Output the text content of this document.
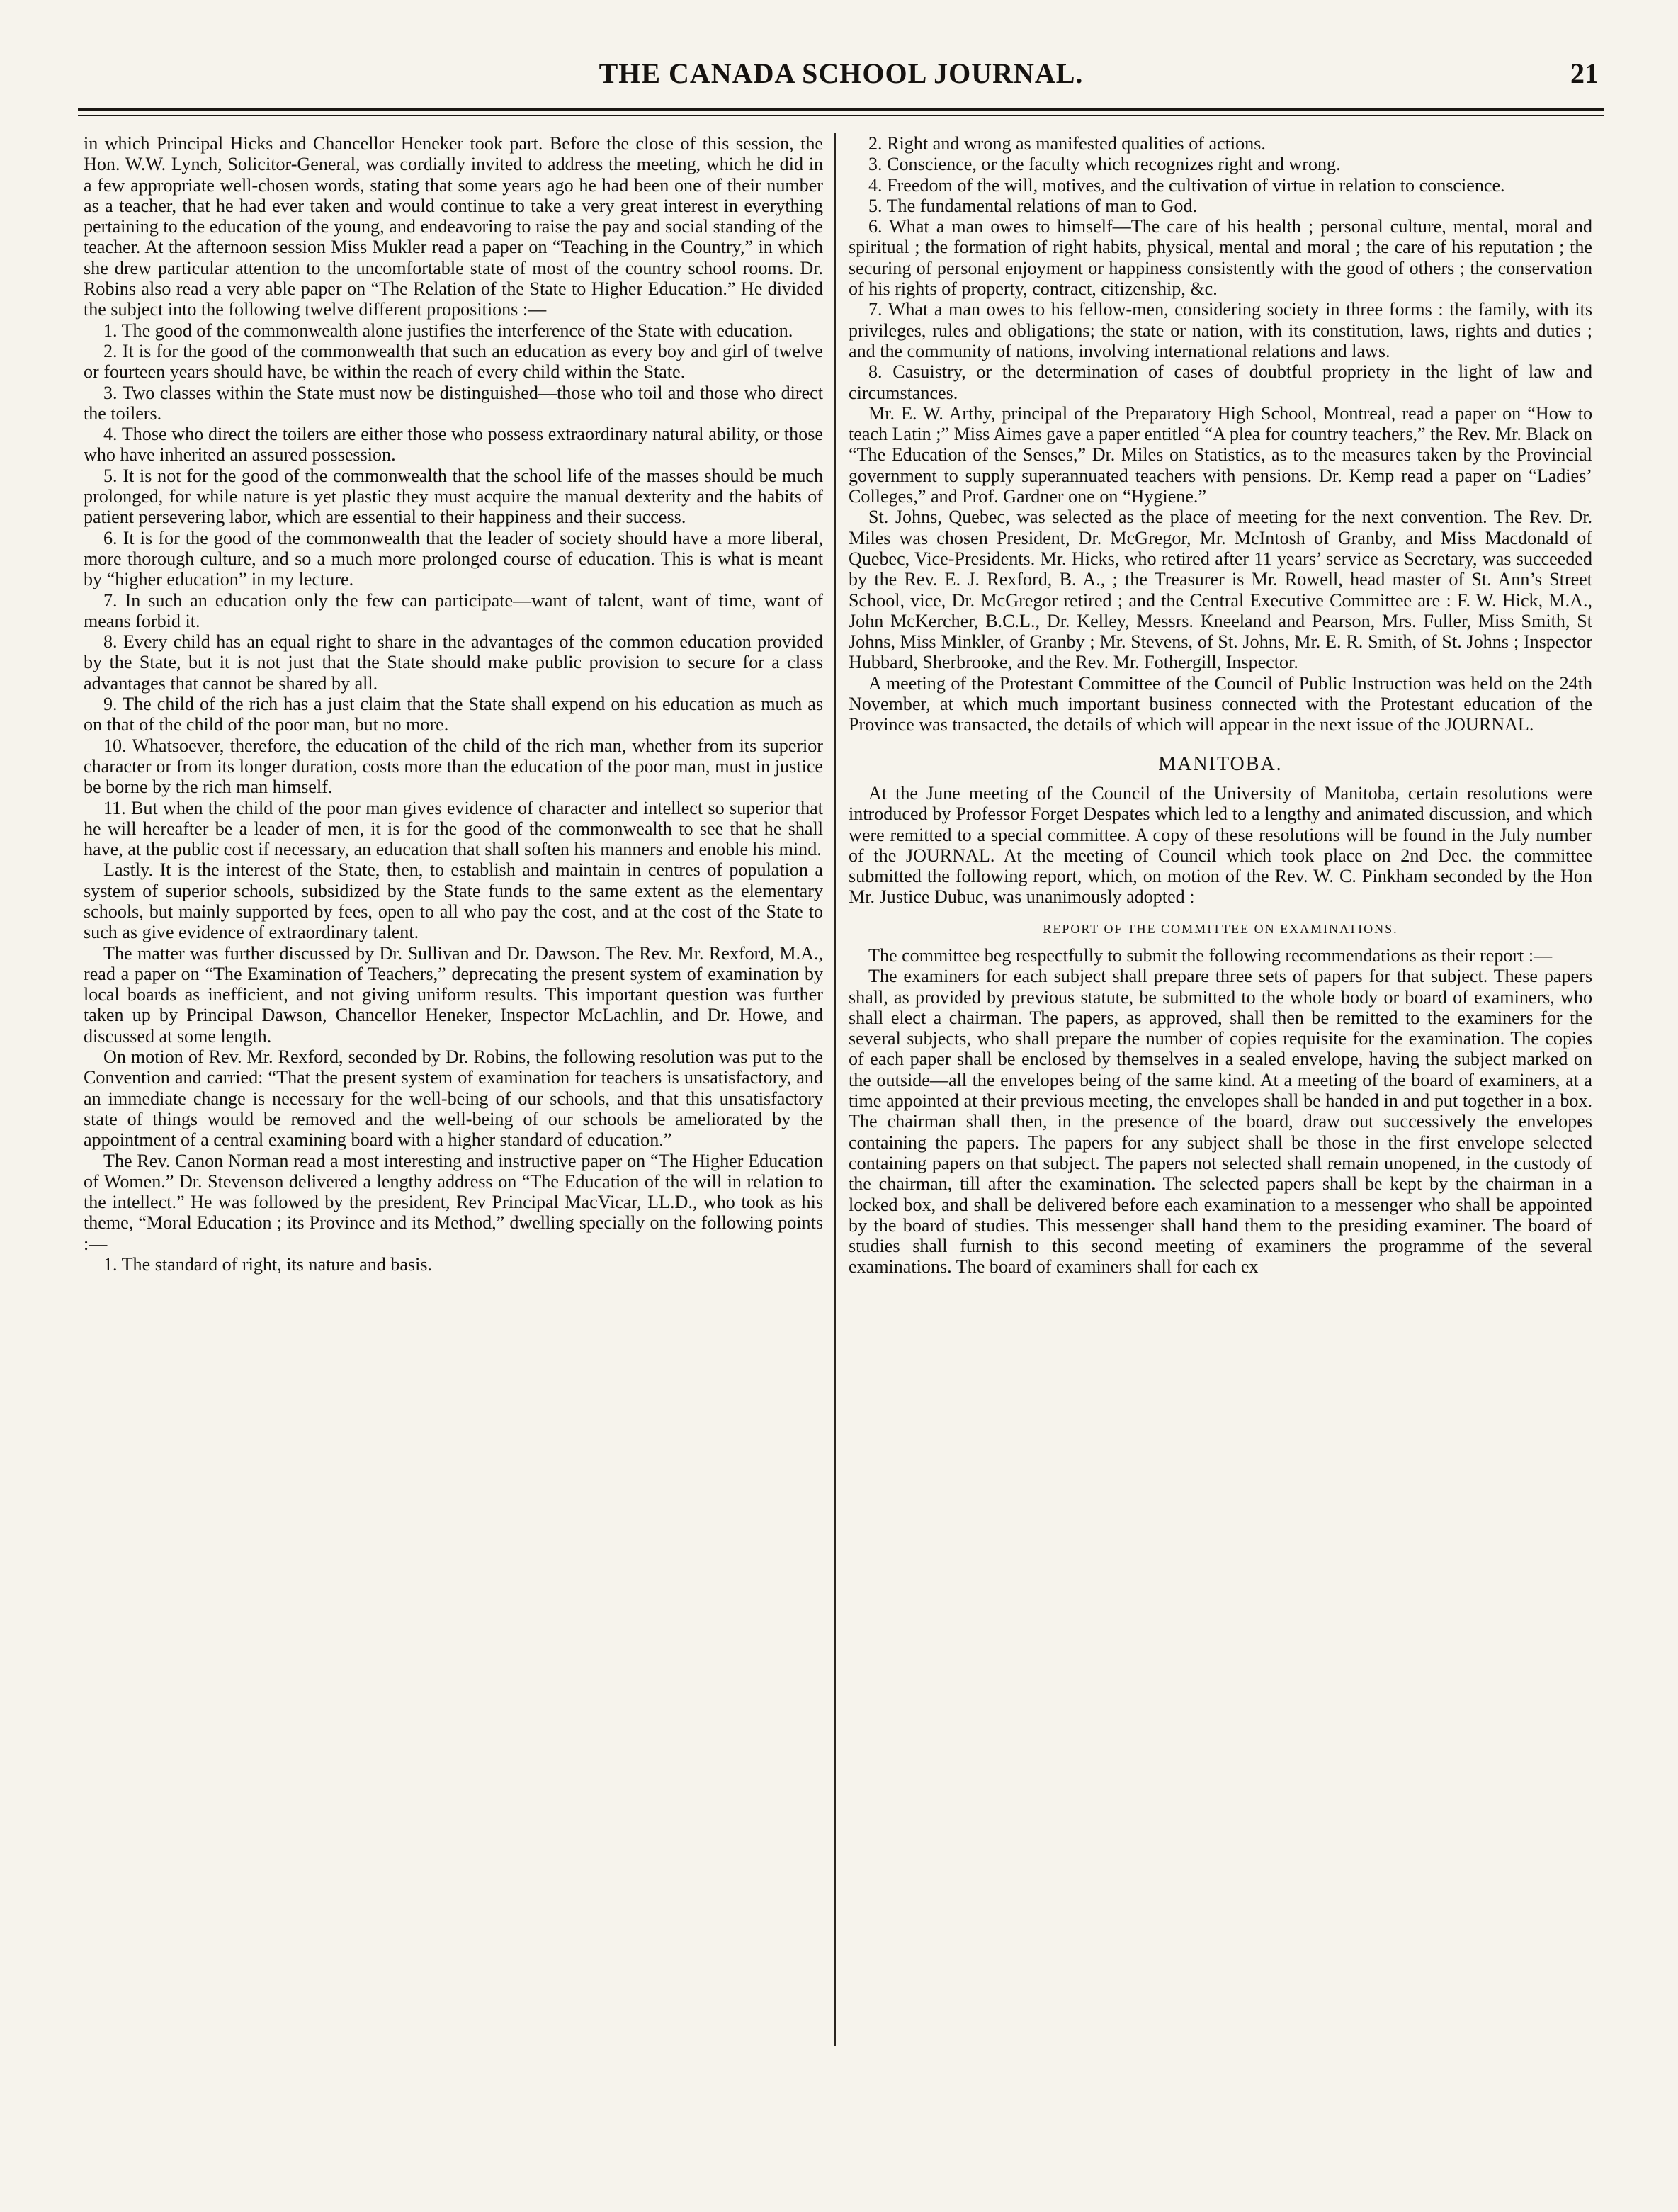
THE CANADA SCHOOL JOURNAL.	21

in which Principal Hicks and Chancellor Heneker took part. Before the close of this session, the Hon. W.W. Lynch, Solicitor-General, was cordially invited to address the meeting, which he did in a few appropriate well-chosen words, stating that some years ago he had been one of their number as a teacher, that he had ever taken and would continue to take a very great interest in everything pertaining to the education of the young, and endeavoring to raise the pay and social standing of the teacher. At the afternoon session Miss Mukler read a paper on “Teaching in the Country,” in which she drew particular attention to the uncomfortable state of most of the country school rooms. Dr. Robins also read a very able paper on “The Relation of the State to Higher Education.” He divided the subject into the following twelve different propositions :—

1. The good of the commonwealth alone justifies the interference of the State with education.

2. It is for the good of the commonwealth that such an education as every boy and girl of twelve or fourteen years should have, be within the reach of every child within the State.

3. Two classes within the State must now be distinguished—those who toil and those who direct the toilers.

4. Those who direct the toilers are either those who possess extraordinary natural ability, or those who have inherited an assured possession.

5. It is not for the good of the commonwealth that the school life of the masses should be much prolonged, for while nature is yet plastic they must acquire the manual dexterity and the habits of patient persevering labor, which are essential to their happiness and their success.

6. It is for the good of the commonwealth that the leader of society should have a more liberal, more thorough culture, and so a much more prolonged course of education. This is what is meant by “higher education” in my lecture.

7. In such an education only the few can participate—want of talent, want of time, want of means forbid it.

8. Every child has an equal right to share in the advantages of the common education provided by the State, but it is not just that the State should make public provision to secure for a class advantages that cannot be shared by all.

9. The child of the rich has a just claim that the State shall expend on his education as much as on that of the child of the poor man, but no more.

10. Whatsoever, therefore, the education of the child of the rich man, whether from its superior character or from its longer duration, costs more than the education of the poor man, must in justice be borne by the rich man himself.

11. But when the child of the poor man gives evidence of character and intellect so superior that he will hereafter be a leader of men, it is for the good of the commonwealth to see that he shall have, at the public cost if necessary, an education that shall soften his manners and enoble his mind.

Lastly. It is the interest of the State, then, to establish and maintain in centres of population a system of superior schools, subsidized by the State funds to the same extent as the elementary schools, but mainly supported by fees, open to all who pay the cost, and at the cost of the State to such as give evidence of extraordinary talent.

The matter was further discussed by Dr. Sullivan and Dr. Dawson. The Rev. Mr. Rexford, M.A., read a paper on “The Examination of Teachers,” deprecating the present system of examination by local boards as inefficient, and not giving uniform results. This important question was further taken up by Principal Dawson, Chancellor Heneker, Inspector McLachlin, and Dr. Howe, and discussed at some length.

On motion of Rev. Mr. Rexford, seconded by Dr. Robins, the following resolution was put to the Convention and carried: “That the present system of examination for teachers is unsatisfactory, and an immediate change is necessary for the well-being of our schools, and that this unsatisfactory state of things would be removed and the well-being of our schools be ameliorated by the appointment of a central examining board with a higher standard of education.”

The Rev. Canon Norman read a most interesting and instructive paper on “The Higher Education of Women.” Dr. Stevenson delivered a lengthy address on “The Education of the will in relation to the intellect.” He was followed by the president, Rev Principal MacVicar, LL.D., who took as his theme, “Moral Education ; its Province and its Method,” dwelling specially on the following points :—

1. The standard of right, its nature and basis.

2. Right and wrong as manifested qualities of actions.

3. Conscience, or the faculty which recognizes right and wrong.

4. Freedom of the will, motives, and the cultivation of virtue in relation to conscience.

5. The fundamental relations of man to God.

6. What a man owes to himself—The care of his health ; personal culture, mental, moral and spiritual ; the formation of right habits, physical, mental and moral ; the care of his reputation ; the securing of personal enjoyment or happiness consistently with the good of others ; the conservation of his rights of property, contract, citizenship, &c.

7. What a man owes to his fellow-men, considering society in three forms : the family, with its privileges, rules and obligations; the state or nation, with its constitution, laws, rights and duties ; and the community of nations, involving international relations and laws.

8. Casuistry, or the determination of cases of doubtful propriety in the light of law and circumstances.

Mr. E. W. Arthy, principal of the Preparatory High School, Montreal, read a paper on “How to teach Latin ;” Miss Aimes gave a paper entitled “A plea for country teachers,” the Rev. Mr. Black on “The Education of the Senses,” Dr. Miles on Statistics, as to the measures taken by the Provincial government to supply superannuated teachers with pensions. Dr. Kemp read a paper on “Ladies’ Colleges,” and Prof. Gardner one on “Hygiene.”

St. Johns, Quebec, was selected as the place of meeting for the next convention. The Rev. Dr. Miles was chosen President, Dr. McGregor, Mr. McIntosh of Granby, and Miss Macdonald of Quebec, Vice-Presidents. Mr. Hicks, who retired after 11 years’ service as Secretary, was succeeded by the Rev. E. J. Rexford, B. A., ; the Treasurer is Mr. Rowell, head master of St. Ann’s Street School, vice, Dr. McGregor retired ; and the Central Executive Committee are : F. W. Hick, M.A., John McKercher, B.C.L., Dr. Kelley, Messrs. Kneeland and Pearson, Mrs. Fuller, Miss Smith, St Johns, Miss Minkler, of Granby ; Mr. Stevens, of St. Johns, Mr. E. R. Smith, of St. Johns ; Inspector Hubbard, Sherbrooke, and the Rev. Mr. Fothergill, Inspector.

A meeting of the Protestant Committee of the Council of Public Instruction was held on the 24th November, at which much important business connected with the Protestant education of the Province was transacted, the details of which will appear in the next issue of the JOURNAL.

MANITOBA.

At the June meeting of the Council of the University of Manitoba, certain resolutions were introduced by Professor Forget Despates which led to a lengthy and animated discussion, and which were remitted to a special committee. A copy of these resolutions will be found in the July number of the JOURNAL. At the meeting of Council which took place on 2nd Dec. the committee submitted the following report, which, on motion of the Rev. W. C. Pinkham seconded by the Hon Mr. Justice Dubuc, was unanimously adopted :

REPORT OF THE COMMITTEE ON EXAMINATIONS.

The committee beg respectfully to submit the following recommendations as their report :—

The examiners for each subject shall prepare three sets of papers for that subject. These papers shall, as provided by previous statute, be submitted to the whole body or board of examiners, who shall elect a chairman. The papers, as approved, shall then be remitted to the examiners for the several subjects, who shall prepare the number of copies requisite for the examination. The copies of each paper shall be enclosed by themselves in a sealed envelope, having the subject marked on the outside—all the envelopes being of the same kind. At a meeting of the board of examiners, at a time appointed at their previous meeting, the envelopes shall be handed in and put together in a box. The chairman shall then, in the presence of the board, draw out successively the envelopes containing the papers. The papers for any subject shall be those in the first envelope selected containing papers on that subject. The papers not selected shall remain unopened, in the custody of the chairman, till after the examination. The selected papers shall be kept by the chairman in a locked box, and shall be delivered before each examination to a messenger who shall be appointed by the board of studies. This messenger shall hand them to the presiding examiner. The board of studies shall furnish to this second meeting of examiners the programme of the several examinations. The board of examiners shall for each ex
